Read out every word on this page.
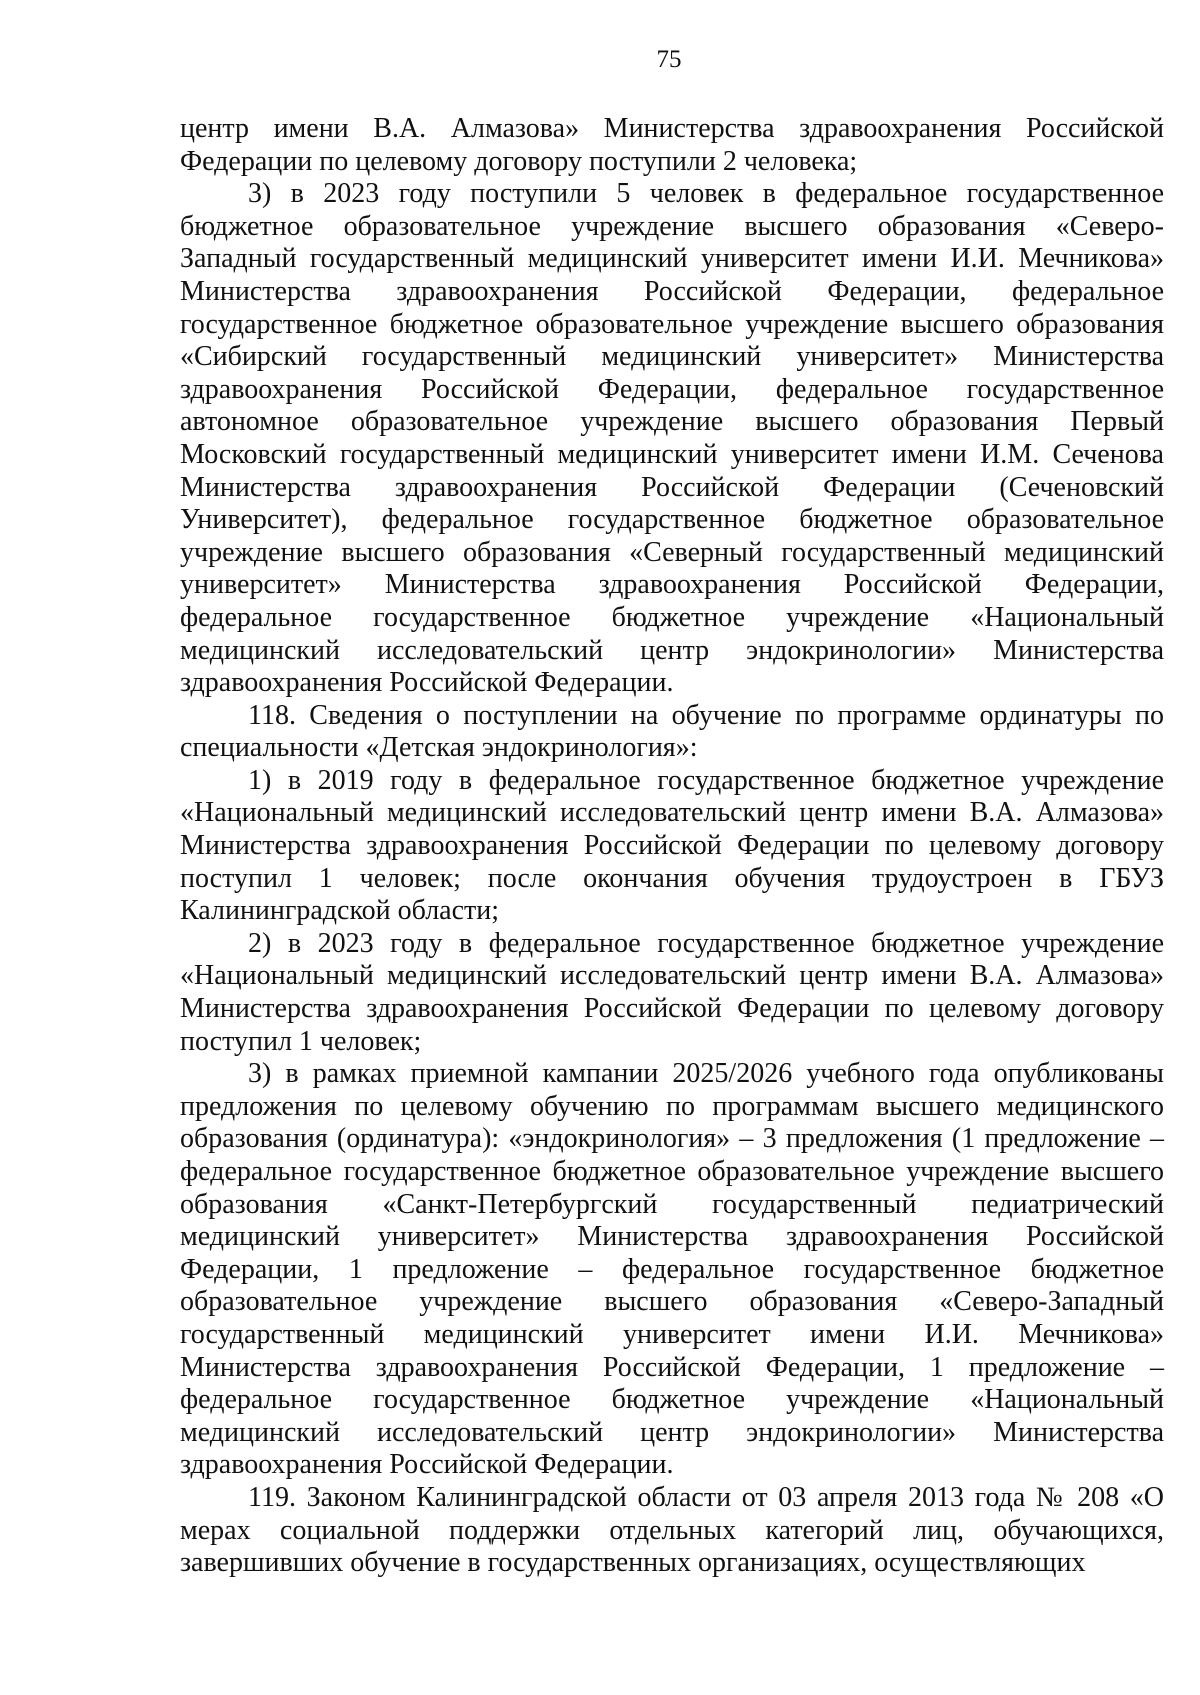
75

центр имени В.А. Алмазова» Министерства здравоохранения Российской Федерации по целевому договору поступили 2 человека;

3) в 2023 году поступили 5 человек в федеральное государственное бюджетное образовательное учреждение высшего образования «Северо-Западный государственный медицинский университет имени И.И. Мечникова» Министерства здравоохранения Российской Федерации, федеральное государственное бюджетное образовательное учреждение высшего образования «Сибирский государственный медицинский университет» Министерства здравоохранения Российской Федерации, федеральное государственное автономное образовательное учреждение высшего образования Первый Московский государственный медицинский университет имени И.М. Сеченова Министерства здравоохранения Российской Федерации (Сеченовский Университет), федеральное государственное бюджетное образовательное учреждение высшего образования «Северный государственный медицинский университет» Министерства здравоохранения Российской Федерации, федеральное государственное бюджетное учреждение «Национальный медицинский исследовательский центр эндокринологии» Министерства здравоохранения Российской Федерации.

118. Сведения о поступлении на обучение по программе ординатуры по специальности «Детская эндокринология»:

1) в 2019 году в федеральное государственное бюджетное учреждение «Национальный медицинский исследовательский центр имени В.А. Алмазова» Министерства здравоохранения Российской Федерации по целевому договору поступил 1 человек; после окончания обучения трудоустроен в ГБУЗ Калининградской области;

2) в 2023 году в федеральное государственное бюджетное учреждение «Национальный медицинский исследовательский центр имени В.А. Алмазова» Министерства здравоохранения Российской Федерации по целевому договору поступил 1 человек;

3) в рамках приемной кампании 2025/2026 учебного года опубликованы предложения по целевому обучению по программам высшего медицинского образования (ординатура): «эндокринология» – 3 предложения (1 предложение – федеральное государственное бюджетное образовательное учреждение высшего образования «Санкт-Петербургский государственный педиатрический медицинский университет» Министерства здравоохранения Российской Федерации, 1 предложение – федеральное государственное бюджетное образовательное учреждение высшего образования «Северо-Западный государственный медицинский университет имени И.И. Мечникова» Министерства здравоохранения Российской Федерации, 1 предложение – федеральное государственное бюджетное учреждение «Национальный медицинский исследовательский центр эндокринологии» Министерства здравоохранения Российской Федерации.

119. Законом Калининградской области от 03 апреля 2013 года № 208 «О мерах социальной поддержки отдельных категорий лиц, обучающихся, завершивших обучение в государственных организациях, осуществляющих
